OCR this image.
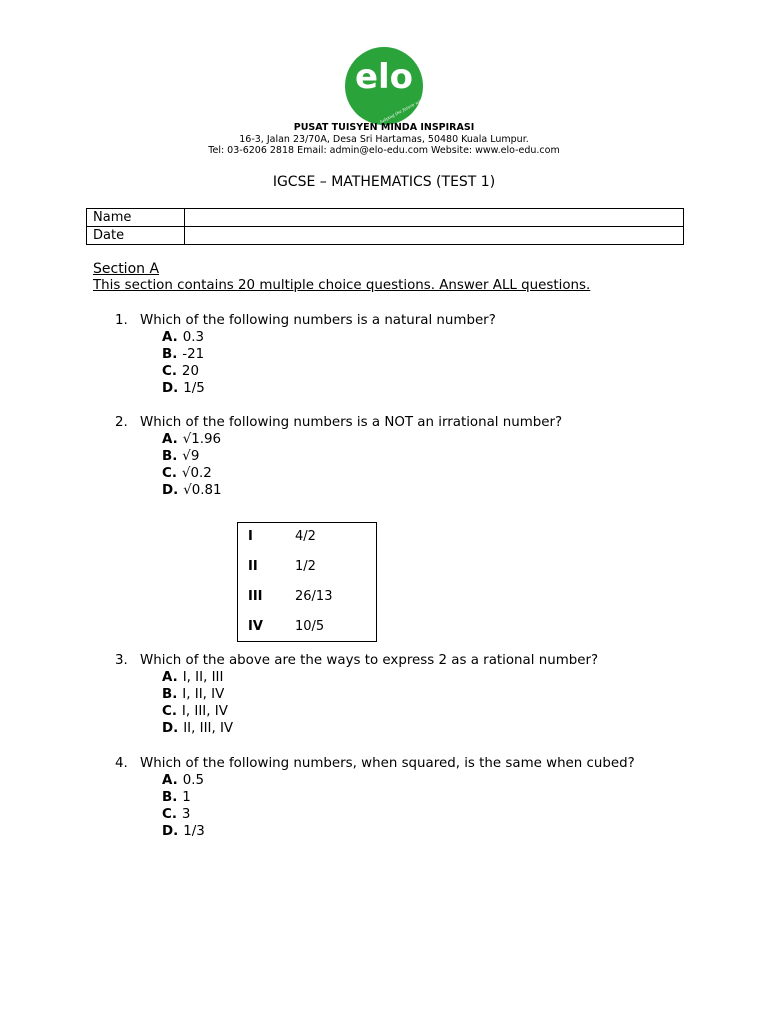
elo
helping the future with you
PUSAT TUISYEN MINDA INSPIRASI
16-3, Jalan 23/70A, Desa Sri Hartamas, 50480 Kuala Lumpur.
Tel: 03-6206 2818 Email: admin@elo-edu.com Website: www.elo-edu.com
IGCSE – MATHEMATICS (TEST 1)
Name	
Date	
Section A
This section contains 20 multiple choice questions. Answer ALL questions.
1. Which of the following numbers is a natural number?
A. 0.3
B. -21
C. 20
D. 1/5
2. Which of the following numbers is a NOT an irrational number?
A. √1.96
B. √9
C. √0.2
D. √0.81
I	4/2
II	1/2
III 26/13
IV 10/5
3. Which of the above are the ways to express 2 as a rational number?
A. I, II, III
B. I, II, IV
C. I, III, IV
D. II, III, IV
4. Which of the following numbers, when squared, is the same when cubed?
A. 0.5
B. 1
C. 3
D. 1/3
